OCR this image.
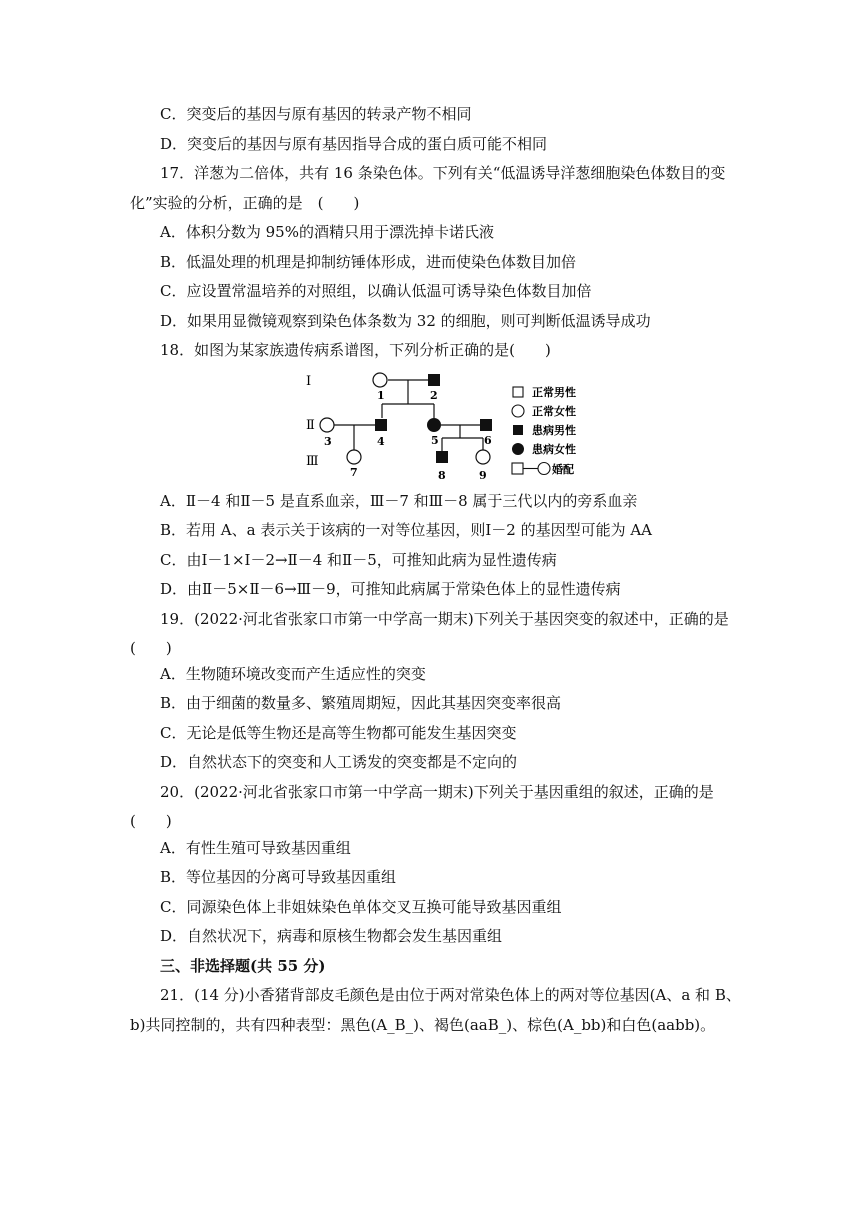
C．突变后的基因与原有基因的转录产物不相同
D．突变后的基因与原有基因指导合成的蛋白质可能不相同
17．洋葱为二倍体，共有 16 条染色体。下列有关“低温诱导洋葱细胞染色体数目的变
化”实验的分析，正确的是　(　　)
A．体积分数为 95%的酒精只用于漂洗掉卡诺氏液
B．低温处理的机理是抑制纺锤体形成，进而使染色体数目加倍
C．应设置常温培养的对照组，以确认低温可诱导染色体数目加倍
D．如果用显微镜观察到染色体条数为 32 的细胞，则可判断低温诱导成功
18．如图为某家族遗传病系谱图，下列分析正确的是(　　)
Ⅰ
Ⅱ
Ⅲ
1	2
3	4	5	6
7	8	9
正常男性
正常女性
患病男性
患病女性
婚配
A．Ⅱ－4 和Ⅱ－5 是直系血亲，Ⅲ－7 和Ⅲ－8 属于三代以内的旁系血亲
B．若用 A、a 表示关于该病的一对等位基因，则Ⅰ－2 的基因型可能为 AA
C．由Ⅰ－1×Ⅰ－2→Ⅱ－4 和Ⅱ－5，可推知此病为显性遗传病
D．由Ⅱ－5×Ⅱ－6→Ⅲ－9，可推知此病属于常染色体上的显性遗传病
19．(2022·河北省张家口市第一中学高一期末)下列关于基因突变的叙述中，正确的是
(　　)
A．生物随环境改变而产生适应性的突变
B．由于细菌的数量多、繁殖周期短，因此其基因突变率很高
C．无论是低等生物还是高等生物都可能发生基因突变
D．自然状态下的突变和人工诱发的突变都是不定向的
20．(2022·河北省张家口市第一中学高一期末)下列关于基因重组的叙述，正确的是
(　　)
A．有性生殖可导致基因重组
B．等位基因的分离可导致基因重组
C．同源染色体上非姐妹染色单体交叉互换可能导致基因重组
D．自然状况下，病毒和原核生物都会发生基因重组
三、非选择题(共 55 分)
21．(14 分)小香猪背部皮毛颜色是由位于两对常染色体上的两对等位基因(A、a 和 B、
b)共同控制的，共有四种表型：黑色(A_B_)、褐色(aaB_)、棕色(A_bb)和白色(aabb)。
